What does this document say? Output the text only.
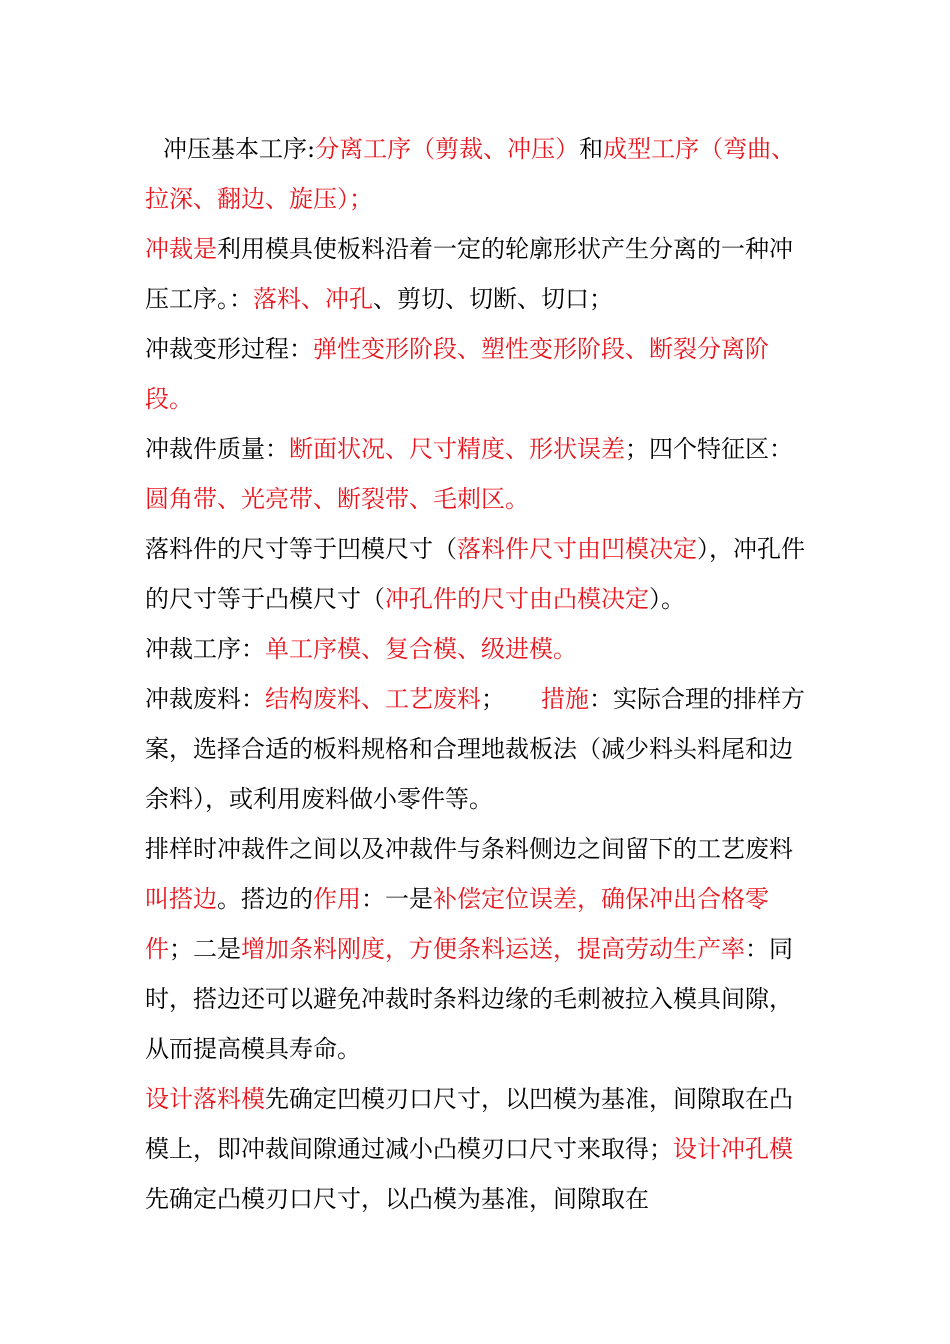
冲压基本工序:分离工序（剪裁、冲压）和成型工序（弯曲、拉深、翻边、旋压）；

冲裁是利用模具使板料沿着一定的轮廓形状产生分离的一种冲压工序。：落料、冲孔、剪切、切断、切口；

冲裁变形过程：弹性变形阶段、塑性变形阶段、断裂分离阶段。

冲裁件质量：断面状况、尺寸精度、形状误差；四个特征区：圆角带、光亮带、断裂带、毛刺区。

落料件的尺寸等于凹模尺寸（落料件尺寸由凹模决定），冲孔件的尺寸等于凸模尺寸（冲孔件的尺寸由凸模决定）。

冲裁工序：单工序模、复合模、级进模。

冲裁废料：结构废料、工艺废料；　　措施：实际合理的排样方案，选择合适的板料规格和合理地裁板法（减少料头料尾和边余料），或利用废料做小零件等。

排样时冲裁件之间以及冲裁件与条料侧边之间留下的工艺废料叫搭边。搭边的作用：一是补偿定位误差，确保冲出合格零件；二是增加条料刚度，方便条料运送，提高劳动生产率：同时，搭边还可以避免冲裁时条料边缘的毛刺被拉入模具间隙，从而提高模具寿命。

设计落料模先确定凹模刃口尺寸，以凹模为基准，间隙取在凸模上，即冲裁间隙通过减小凸模刃口尺寸来取得；设计冲孔模先确定凸模刃口尺寸，以凸模为基准，间隙取在
